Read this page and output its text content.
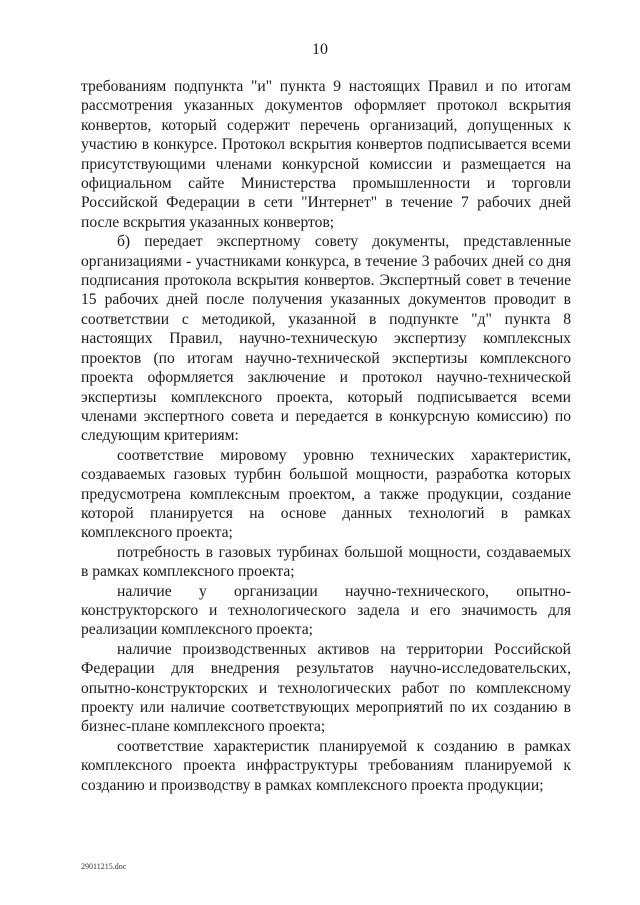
10

требованиям подпункта "и" пункта 9 настоящих Правил и по итогам рассмотрения указанных документов оформляет протокол вскрытия конвертов, который содержит перечень организаций, допущенных к участию в конкурсе. Протокол вскрытия конвертов подписывается всеми присутствующими членами конкурсной комиссии и размещается на официальном сайте Министерства промышленности и торговли Российской Федерации в сети "Интернет" в течение 7 рабочих дней после вскрытия указанных конвертов;

б) передает экспертному совету документы, представленные организациями - участниками конкурса, в течение 3 рабочих дней со дня подписания протокола вскрытия конвертов. Экспертный совет в течение 15 рабочих дней после получения указанных документов проводит в соответствии с методикой, указанной в подпункте "д" пункта 8 настоящих Правил, научно-техническую экспертизу комплексных проектов (по итогам научно-технической экспертизы комплексного проекта оформляется заключение и протокол научно-технической экспертизы комплексного проекта, который подписывается всеми членами экспертного совета и передается в конкурсную комиссию) по следующим критериям:

соответствие мировому уровню технических характеристик, создаваемых газовых турбин большой мощности, разработка которых предусмотрена комплексным проектом, а также продукции, создание которой планируется на основе данных технологий в рамках комплексного проекта;

потребность в газовых турбинах большой мощности, создаваемых в рамках комплексного проекта;

наличие у организации научно-технического, опытно-конструкторского и технологического задела и его значимость для реализации комплексного проекта;

наличие производственных активов на территории Российской Федерации для внедрения результатов научно-исследовательских, опытно-конструкторских и технологических работ по комплексному проекту или наличие соответствующих мероприятий по их созданию в бизнес-плане комплексного проекта;

соответствие характеристик планируемой к созданию в рамках комплексного проекта инфраструктуры требованиям планируемой к созданию и производству в рамках комплексного проекта продукции;

29011215.doc
